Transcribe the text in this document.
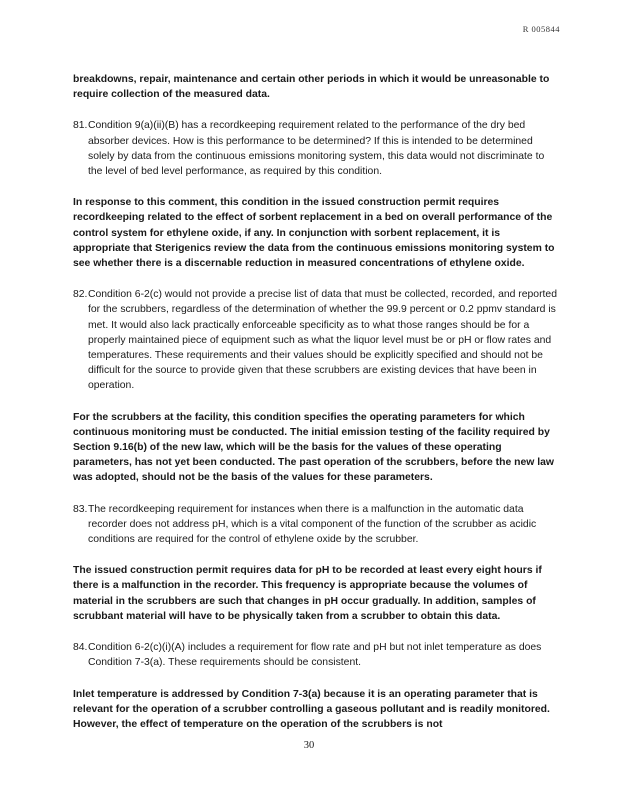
R 005844

breakdowns, repair, maintenance and certain other periods in which it would be unreasonable to require collection of the measured data.

81. Condition 9(a)(ii)(B) has a recordkeeping requirement related to the performance of the dry bed absorber devices. How is this performance to be determined? If this is intended to be determined solely by data from the continuous emissions monitoring system, this data would not discriminate to the level of bed level performance, as required by this condition.

In response to this comment, this condition in the issued construction permit requires recordkeeping related to the effect of sorbent replacement in a bed on overall performance of the control system for ethylene oxide, if any. In conjunction with sorbent replacement, it is appropriate that Sterigenics review the data from the continuous emissions monitoring system to see whether there is a discernable reduction in measured concentrations of ethylene oxide.

82. Condition 6-2(c) would not provide a precise list of data that must be collected, recorded, and reported for the scrubbers, regardless of the determination of whether the 99.9 percent or 0.2 ppmv standard is met. It would also lack practically enforceable specificity as to what those ranges should be for a properly maintained piece of equipment such as what the liquor level must be or pH or flow rates and temperatures. These requirements and their values should be explicitly specified and should not be difficult for the source to provide given that these scrubbers are existing devices that have been in operation.

For the scrubbers at the facility, this condition specifies the operating parameters for which continuous monitoring must be conducted. The initial emission testing of the facility required by Section 9.16(b) of the new law, which will be the basis for the values of these operating parameters, has not yet been conducted. The past operation of the scrubbers, before the new law was adopted, should not be the basis of the values for these parameters.

83. The recordkeeping requirement for instances when there is a malfunction in the automatic data recorder does not address pH, which is a vital component of the function of the scrubber as acidic conditions are required for the control of ethylene oxide by the scrubber.

The issued construction permit requires data for pH to be recorded at least every eight hours if there is a malfunction in the recorder. This frequency is appropriate because the volumes of material in the scrubbers are such that changes in pH occur gradually. In addition, samples of scrubbant material will have to be physically taken from a scrubber to obtain this data.

84. Condition 6-2(c)(i)(A) includes a requirement for flow rate and pH but not inlet temperature as does Condition 7-3(a). These requirements should be consistent.

Inlet temperature is addressed by Condition 7-3(a) because it is an operating parameter that is relevant for the operation of a scrubber controlling a gaseous pollutant and is readily monitored. However, the effect of temperature on the operation of the scrubbers is not

30
